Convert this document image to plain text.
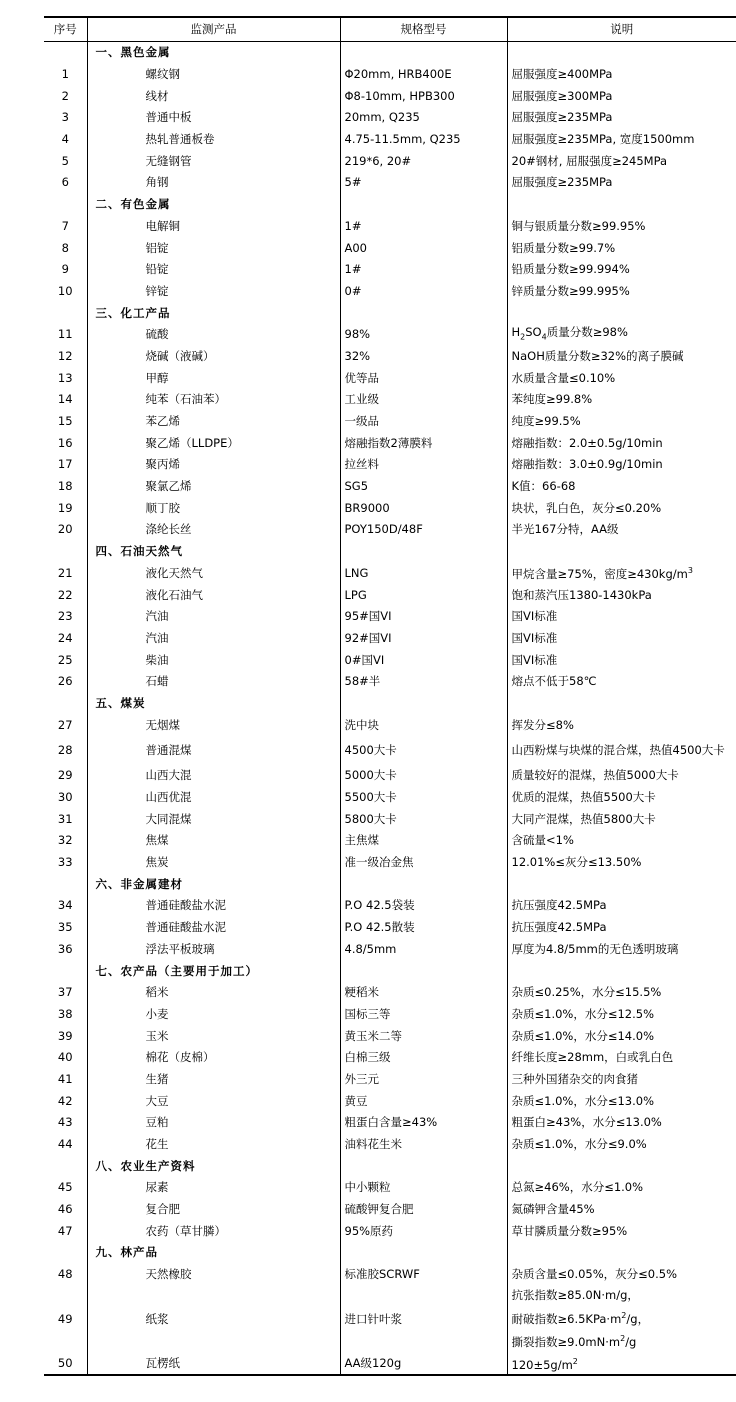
序号	监测产品	规格型号	说明
	一、黑色金属		
1	螺纹钢	Φ20mm, HRB400E	屈服强度≥400MPa
2	线材	Φ8-10mm, HPB300	屈服强度≥300MPa
3	普通中板	20mm, Q235	屈服强度≥235MPa
4	热轧普通板卷	4.75-11.5mm, Q235	屈服强度≥235MPa, 宽度1500mm
5	无缝钢管	219*6, 20#	20#钢材, 屈服强度≥245MPa
6	角钢	5#	屈服强度≥235MPa
	二、有色金属		
7	电解铜	1#	铜与银质量分数≥99.95%
8	铝锭	A00	铝质量分数≥99.7%
9	铅锭	1#	铅质量分数≥99.994%
10	锌锭	0#	锌质量分数≥99.995%
	三、化工产品		
11	硫酸	98%	$H_2SO_4$质量分数≥98%
12	烧碱（液碱）	32%	NaOH质量分数≥32%的离子膜碱
13	甲醇	优等品	水质量含量≤0.10%
14	纯苯（石油苯）	工业级	苯纯度≥99.8%
15	苯乙烯	一级品	纯度≥99.5%
16	聚乙烯（LLDPE）	熔融指数2薄膜料	熔融指数：2.0±0.5g/10min
17	聚丙烯	拉丝料	熔融指数：3.0±0.9g/10min
18	聚氯乙烯	SG5	K值：66-68
19	顺丁胶	BR9000	块状，乳白色，灰分≤0.20%
20	涤纶长丝	POY150D/48F	半光167分特，AA级
	四、石油天然气		
21	液化天然气	LNG	甲烷含量≥75%，密度$\ge 430kg/m^3$
22	液化石油气	LPG	饱和蒸汽压1380-1430kPa
23	汽油	95#国VI	国VI标准
24	汽油	92#国VI	国VI标准
25	柴油	0#国VI	国VI标准
26	石蜡	58#半	熔点不低于58℃
	五、煤炭		
27	无烟煤	洗中块	挥发分≤8%
28	普通混煤	4500大卡	山西粉煤与块煤的混合煤，热值4500大卡
29	山西大混	5000大卡	质量较好的混煤，热值5000大卡
30	山西优混	5500大卡	优质的混煤，热值5500大卡
31	大同混煤	5800大卡	大同产混煤，热值5800大卡
32	焦煤	主焦煤	含硫量<1%
33	焦炭	准一级冶金焦	12.01%≤灰分≤13.50%
	六、非金属建材		
34	普通硅酸盐水泥	P.O 42.5袋装	抗压强度42.5MPa
35	普通硅酸盐水泥	P.O 42.5散装	抗压强度42.5MPa
36	浮法平板玻璃	4.8/5mm	厚度为4.8/5mm的无色透明玻璃
	七、农产品（主要用于加工）		
37	稻米	粳稻米	杂质≤0.25%，水分≤15.5%
38	小麦	国标三等	杂质≤1.0%，水分≤12.5%
39	玉米	黄玉米二等	杂质≤1.0%，水分≤14.0%
40	棉花（皮棉）	白棉三级	纤维长度≥28mm，白或乳白色
41	生猪	外三元	三种外国猪杂交的肉食猪
42	大豆	黄豆	杂质≤1.0%，水分≤13.0%
43	豆粕	粗蛋白含量≥43%	粗蛋白≥43%，水分≤13.0%
44	花生	油料花生米	杂质≤1.0%，水分≤9.0%
	八、农业生产资料		
45	尿素	中小颗粒	总氮≥46%，水分≤1.0%
46	复合肥	硫酸钾复合肥	氮磷钾含量45%
47	农药（草甘膦）	95%原药	草甘膦质量分数≥95%
	九、林产品		
48	天然橡胶	标准胶SCRWF	杂质含量≤0.05%，灰分≤0.5%
49	纸浆	进口针叶浆	抗张指数≥85.0N·m/g，
耐破指数$\ge 6.5KPa\cdot m^2/g$，
撕裂指数$\ge 9.0mN\cdot m^2/g$
50	瓦楞纸	AA级120g	$120\pm 5g/m^2$
